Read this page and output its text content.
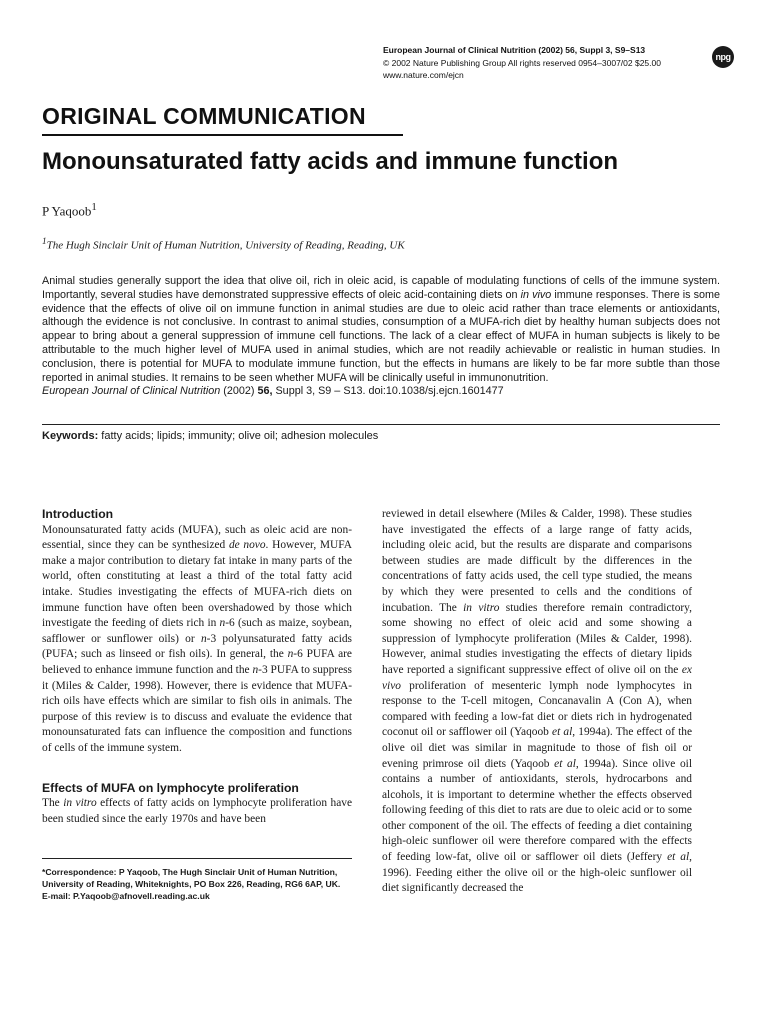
European Journal of Clinical Nutrition (2002) 56, Suppl 3, S9–S13
© 2002 Nature Publishing Group All rights reserved 0954–3007/02 $25.00
www.nature.com/ejcn
npg
ORIGINAL COMMUNICATION
Monounsaturated fatty acids and immune function
P Yaqoob$^1$
$^1$The Hugh Sinclair Unit of Human Nutrition, University of Reading, Reading, UK
Animal studies generally support the idea that olive oil, rich in oleic acid, is capable of modulating functions of cells of the immune system. Importantly, several studies have demonstrated suppressive effects of oleic acid-containing diets on in vivo immune responses. There is some evidence that the effects of olive oil on immune function in animal studies are due to oleic acid rather than trace elements or antioxidants, although the evidence is not conclusive. In contrast to animal studies, consumption of a MUFA-rich diet by healthy human subjects does not appear to bring about a general suppression of immune cell functions. The lack of a clear effect of MUFA in human subjects is likely to be attributable to the much higher level of MUFA used in animal studies, which are not readily achievable or realistic in human studies. In conclusion, there is potential for MUFA to modulate immune function, but the effects in humans are likely to be far more subtle than those reported in animal studies. It remains to be seen whether MUFA will be clinically useful in immunonutrition.
European Journal of Clinical Nutrition (2002) 56, Suppl 3, S9 – S13. doi:10.1038/sj.ejcn.1601477
Keywords: fatty acids; lipids; immunity; olive oil; adhesion molecules
Introduction

Monounsaturated fatty acids (MUFA), such as oleic acid are non-essential, since they can be synthesized de novo. However, MUFA make a major contribution to dietary fat intake in many parts of the world, often constituting at least a third of the total fatty acid intake. Studies investigating the effects of MUFA-rich diets on immune function have often been overshadowed by those which investigate the feeding of diets rich in n-6 (such as maize, soybean, safflower or sunflower oils) or n-3 polyunsaturated fatty acids (PUFA; such as linseed or fish oils). In general, the n-6 PUFA are believed to enhance immune function and the n-3 PUFA to suppress it (Miles & Calder, 1998). However, there is evidence that MUFA-rich oils have effects which are similar to fish oils in animals. The purpose of this review is to discuss and evaluate the evidence that monounsaturated fats can influence the composition and functions of cells of the immune system.

Effects of MUFA on lymphocyte proliferation

The in vitro effects of fatty acids on lymphocyte proliferation have been studied since the early 1970s and have been

*Correspondence: P Yaqoob, The Hugh Sinclair Unit of Human Nutrition,
University of Reading, Whiteknights, PO Box 226, Reading, RG6 6AP, UK.
E-mail: P.Yaqoob@afnovell.reading.ac.uk

reviewed in detail elsewhere (Miles & Calder, 1998). These studies have investigated the effects of a large range of fatty acids, including oleic acid, but the results are disparate and comparisons between studies are made difficult by the differences in the concentrations of fatty acids used, the cell type studied, the means by which they were presented to cells and the conditions of incubation. The in vitro studies therefore remain contradictory, some showing no effect of oleic acid and some showing a suppression of lymphocyte proliferation (Miles & Calder, 1998). However, animal studies investigating the effects of dietary lipids have reported a significant suppressive effect of olive oil on the ex vivo proliferation of mesenteric lymph node lymphocytes in response to the T-cell mitogen, Concanavalin A (Con A), when compared with feeding a low-fat diet or diets rich in hydrogenated coconut oil or safflower oil (Yaqoob et al, 1994a). The effect of the olive oil diet was similar in magnitude to those of fish oil or evening primrose oil diets (Yaqoob et al, 1994a). Since olive oil contains a number of antioxidants, sterols, hydrocarbons and alcohols, it is important to determine whether the effects observed following feeding of this diet to rats are due to oleic acid or to some other component of the oil. The effects of feeding a diet containing high-oleic sunflower oil were therefore compared with the effects of feeding low-fat, olive oil or safflower oil diets (Jeffery et al, 1996). Feeding either the olive oil or the high-oleic sunflower oil diet significantly decreased the
